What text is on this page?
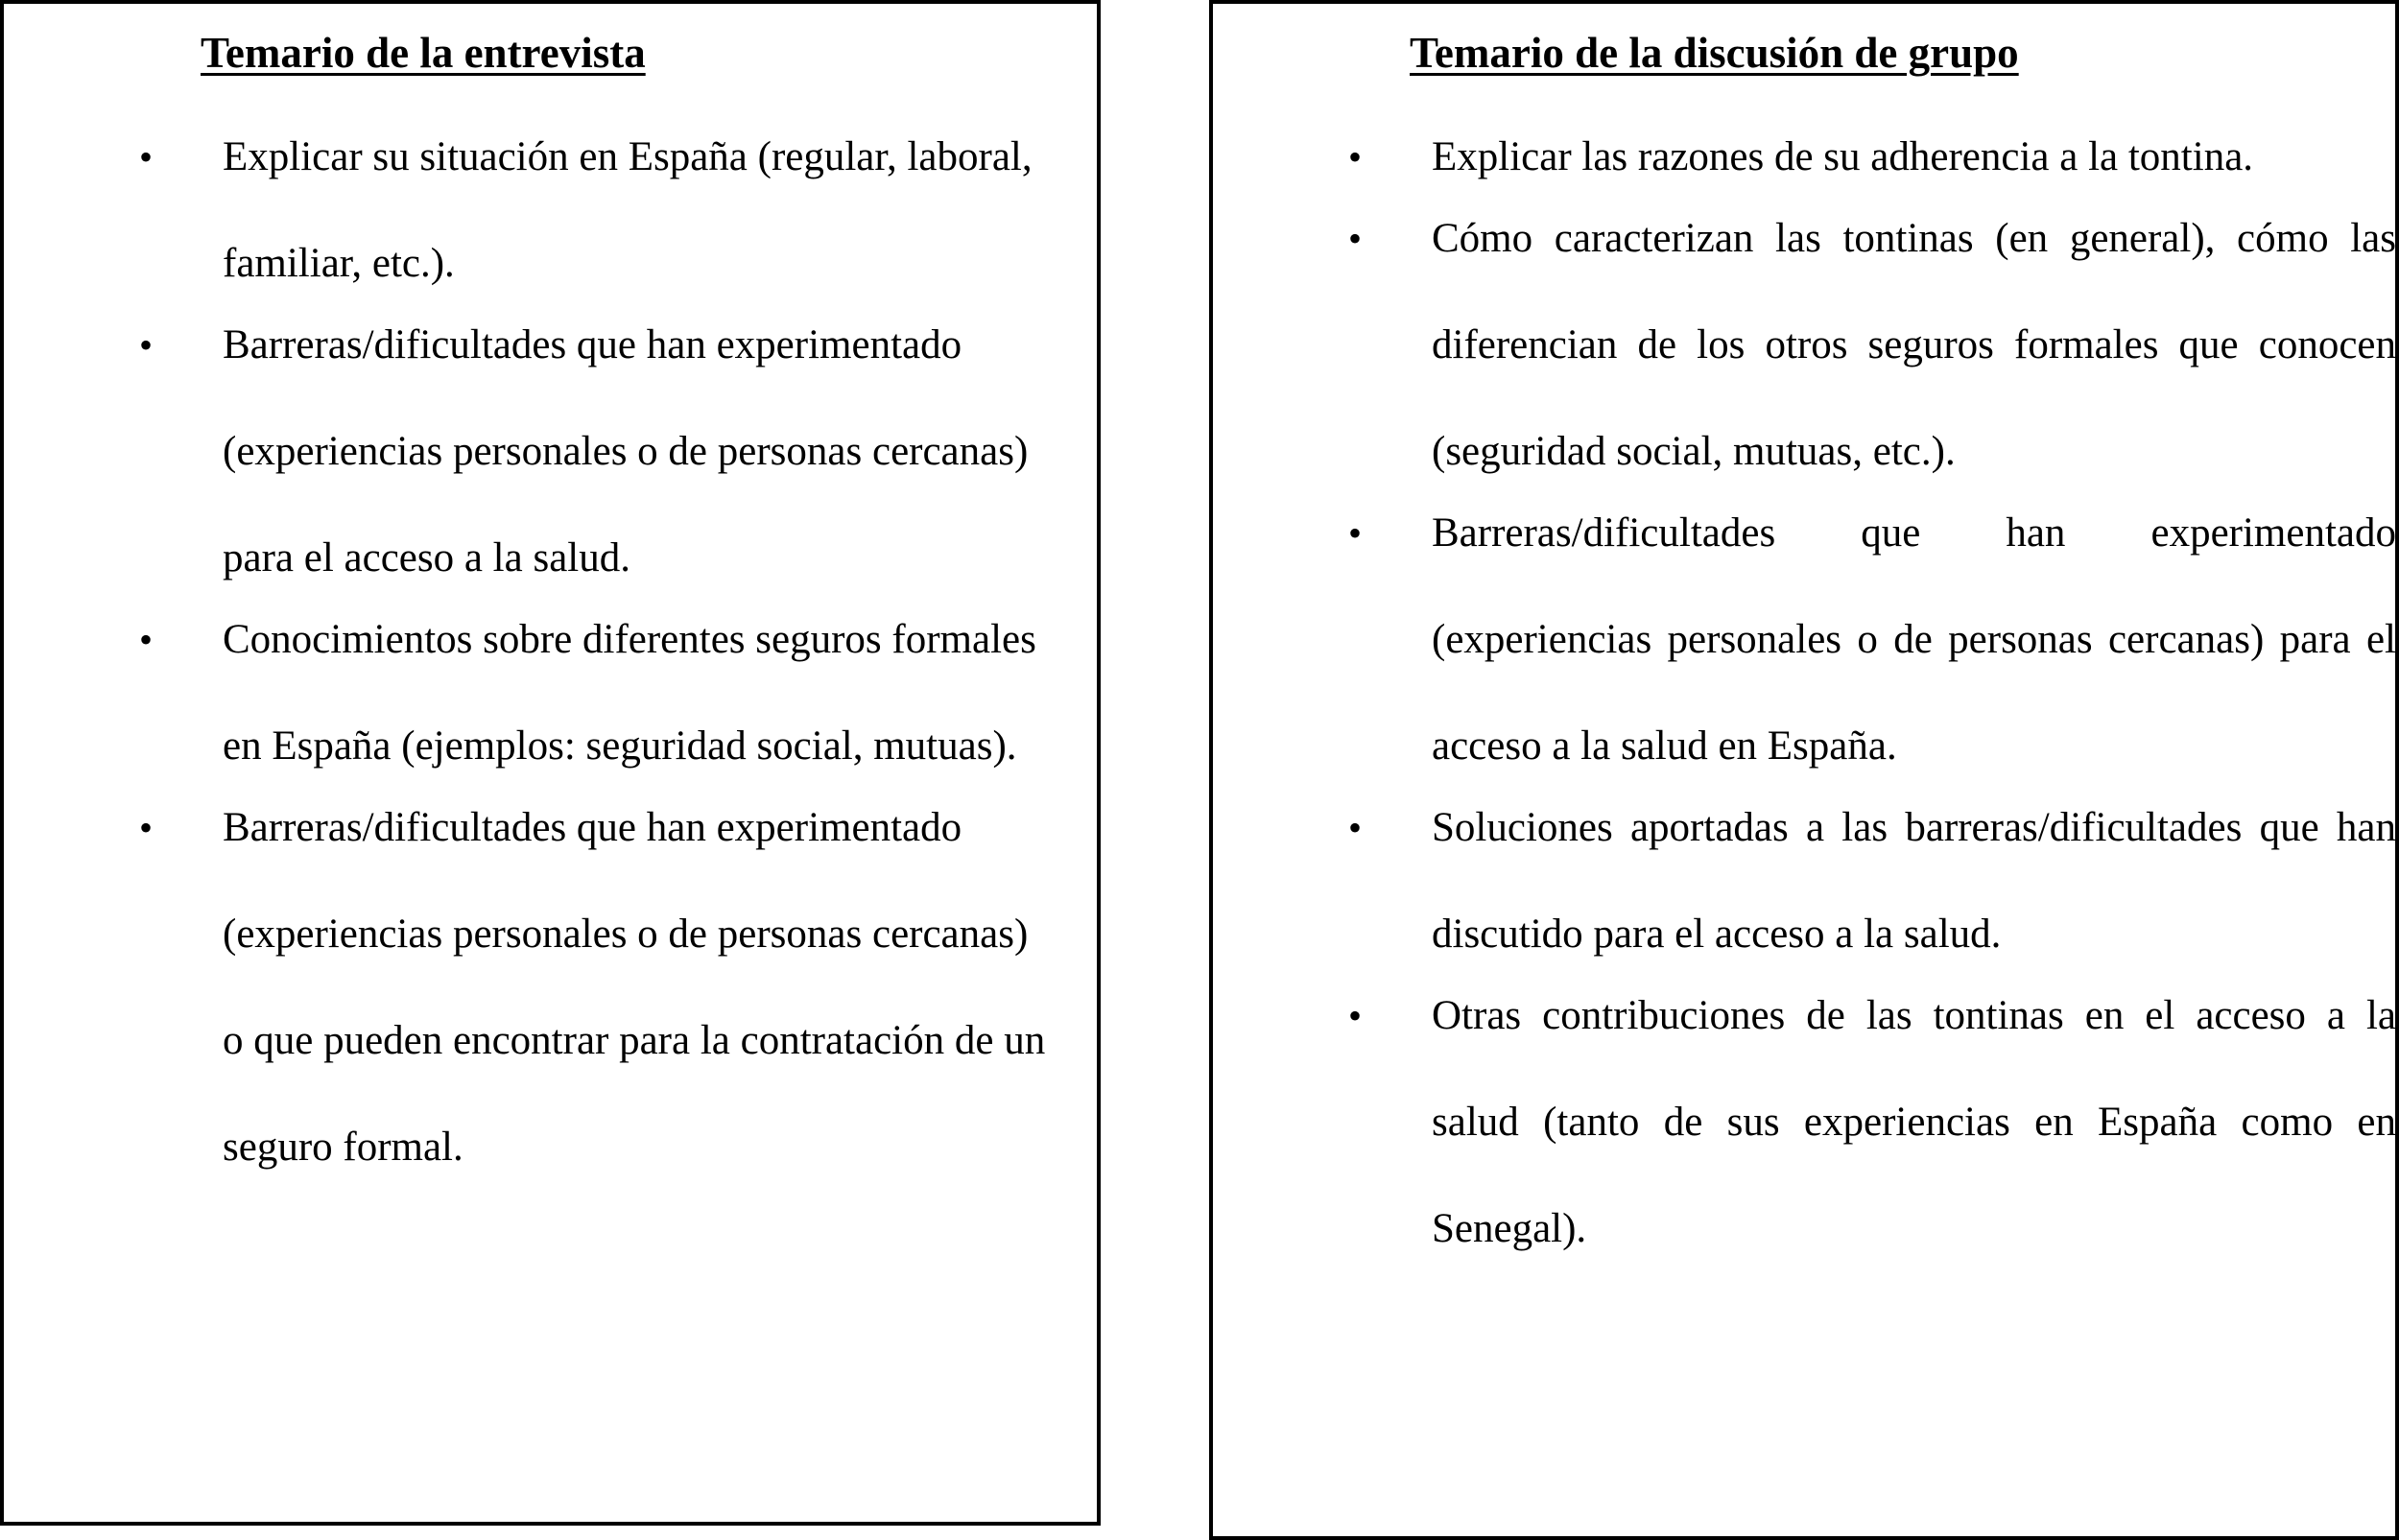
Temario de la entrevista
• Explicar su situación en España (regular, laboral, familiar, etc.).
• Barreras/dificultades que han experimentado (experiencias personales o de personas cercanas) para el acceso a la salud.
• Conocimientos sobre diferentes seguros formales en España (ejemplos: seguridad social, mutuas).
• Barreras/dificultades que han experimentado (experiencias personales o de personas cercanas) o que pueden encontrar para la contratación de un seguro formal.
Temario de la discusión de grupo
• Explicar las razones de su adherencia a la tontina.
• Cómo caracterizan las tontinas (en general), cómo las diferencian de los otros seguros formales que conocen (seguridad social, mutuas, etc.).
• Barreras/dificultades que han experimentado (experiencias personales o de personas cercanas) para el acceso a la salud en España.
• Soluciones aportadas a las barreras/dificultades que han discutido para el acceso a la salud.
• Otras contribuciones de las tontinas en el acceso a la salud (tanto de sus experiencias en España como en Senegal).
